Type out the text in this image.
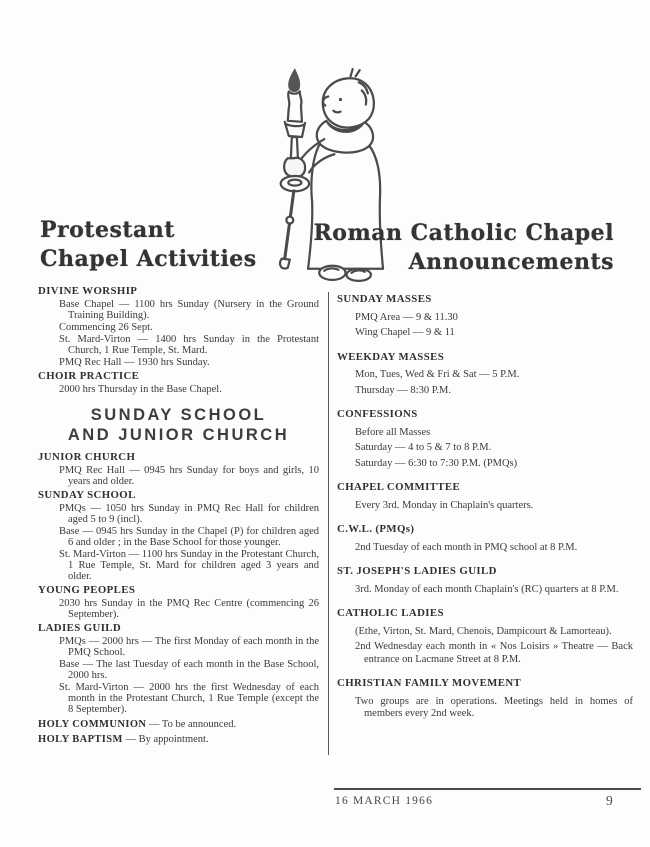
Protestant
Chapel Activities
Roman Catholic Chapel
Announcements
DIVINE WORSHIP
Base Chapel — 1100 hrs Sunday (Nursery in the Ground Training Building).
Commencing 26 Sept.
St. Mard-Virton — 1400 hrs Sunday in the Protestant Church, 1 Rue Temple, St. Mard.
PMQ Rec Hall — 1930 hrs Sunday.
CHOIR PRACTICE
2000 hrs Thursday in the Base Chapel.
SUNDAY SCHOOL
AND JUNIOR CHURCH
JUNIOR CHURCH
PMQ Rec Hall — 0945 hrs Sunday for boys and girls, 10 years and older.
SUNDAY SCHOOL
PMQs — 1050 hrs Sunday in PMQ Rec Hall for children aged 5 to 9 (incl).
Base — 0945 hrs Sunday in the Chapel (P) for children aged 6 and older ; in the Base School for those younger.
St. Mard-Virton — 1100 hrs Sunday in the Protestant Church, 1 Rue Temple, St. Mard for children aged 3 years and older.
YOUNG PEOPLES
2030 hrs Sunday in the PMQ Rec Centre (commencing 26 September).
LADIES GUILD
PMQs — 2000 hrs — The first Monday of each month in the PMQ School.
Base — The last Tuesday of each month in the Base School, 2000 hrs.
St. Mard-Virton — 2000 hrs the first Wednesday of each month in the Protestant Church, 1 Rue Temple (except the 8 September).
HOLY COMMUNION — To be announced.
HOLY BAPTISM — By appointment.
SUNDAY MASSES
PMQ Area — 9 & 11.30
Wing Chapel — 9 & 11
WEEKDAY MASSES
Mon, Tues, Wed & Fri & Sat — 5 P.M.
Thursday — 8:30 P.M.
CONFESSIONS
Before all Masses
Saturday — 4 to 5 & 7 to 8 P.M.
Saturday — 6:30 to 7:30 P.M. (PMQs)
CHAPEL COMMITTEE
Every 3rd. Monday in Chaplain's quarters.
C.W.L. (PMQs)
2nd Tuesday of each month in PMQ school at 8 P.M.
ST. JOSEPH'S LADIES GUILD
3rd. Monday of each month Chaplain's (RC) quarters at 8 P.M.
CATHOLIC LADIES
(Ethe, Virton, St. Mard, Chenois, Dampicourt & Lamorteau).
2nd Wednesday each month in « Nos Loisirs » Theatre — Back entrance on Lacmane Street at 8 P.M.
CHRISTIAN FAMILY MOVEMENT
Two groups are in operations. Meetings held in homes of members every 2nd week.
16 MARCH 1966	9
